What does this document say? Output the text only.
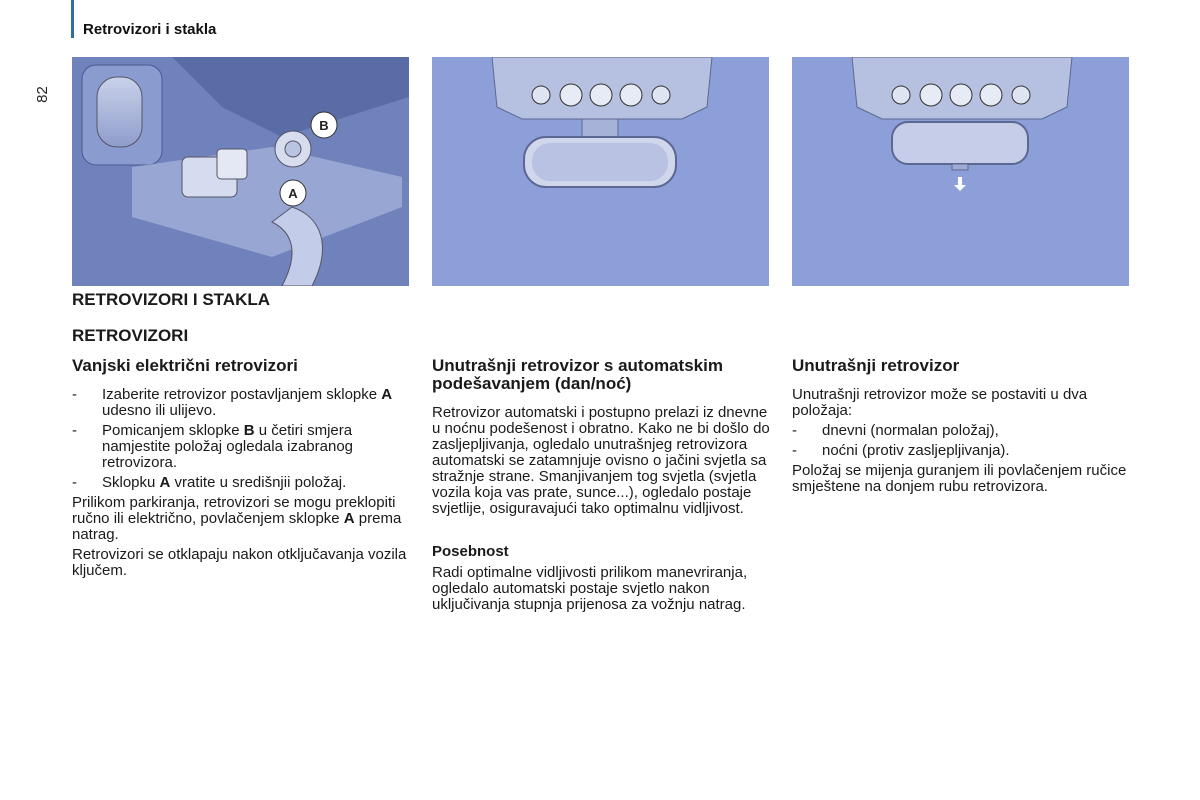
Retrovizori i stakla
82
B
A
RETROVIZORI I STAKLA
RETROVIZORI
Vanjski električni retrovizori
- Izaberite retrovizor postavljanjem sklopke A udesno ili ulijevo.
- Pomicanjem sklopke B u četiri smjera namjestite položaj ogledala izabranog retrovizora.
- Sklopku A vratite u središnjii položaj.

Prilikom parkiranja, retrovizori se mogu preklopiti ručno ili električno, povlačenjem sklopke A prema natrag.

Retrovizori se otklapaju nakon otključavanja vozila ključem.

Unutrašnji retrovizor s automatskim podešavanjem (dan/noć)

Retrovizor automatski i postupno prelazi iz dnevne u noćnu podešenost i obratno. Kako ne bi došlo do zasljepljivanja, ogledalo unutrašnjeg retrovizora automatski se zatamnjuje ovisno o jačini svjetla sa stražnje strane. Smanjivanjem tog svjetla (svjetla vozila koja vas prate, sunce...), ogledalo postaje svjetlije, osiguravajući tako optimalnu vidljivost.

Posebnost

Radi optimalne vidljivosti prilikom manevriranja, ogledalo automatski postaje svjetlo nakon uključivanja stupnja prijenosa za vožnju natrag.

Unutrašnji retrovizor

Unutrašnji retrovizor može se postaviti u dva položaja:

- dnevni (normalan položaj),
- noćni (protiv zasljepljivanja).

Položaj se mijenja guranjem ili povlačenjem ručice smještene na donjem rubu retrovizora.
